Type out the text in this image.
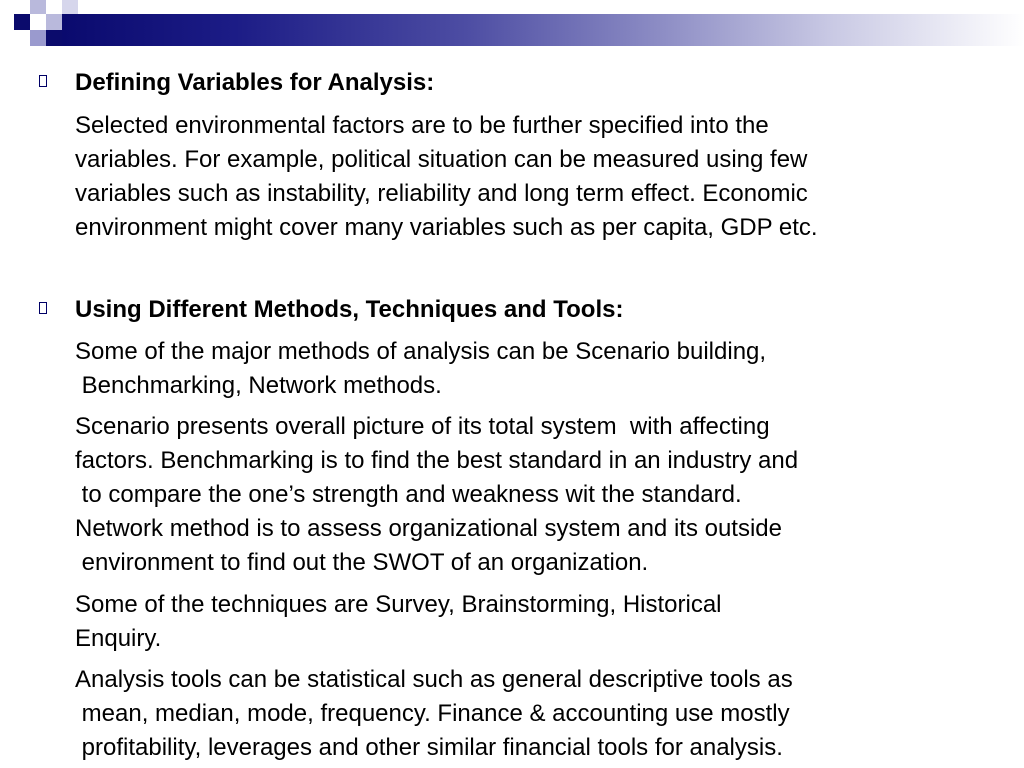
Defining Variables for Analysis:
Selected environmental factors are to be further specified into the
variables. For example, political situation can be measured using few
variables such as instability, reliability and long term effect. Economic
environment might cover many variables such as per capita, GDP etc.
Using Different Methods, Techniques and Tools:
Some of the major methods of analysis can be Scenario building,
Benchmarking, Network methods.
Scenario presents overall picture of its total system  with affecting
factors. Benchmarking is to find the best standard in an industry and
to compare the one’s strength and weakness wit the standard.
Network method is to assess organizational system and its outside
environment to find out the SWOT of an organization.
Some of the techniques are Survey, Brainstorming, Historical
Enquiry.
Analysis tools can be statistical such as general descriptive tools as
mean, median, mode, frequency. Finance & accounting use mostly
profitability, leverages and other similar financial tools for analysis.
